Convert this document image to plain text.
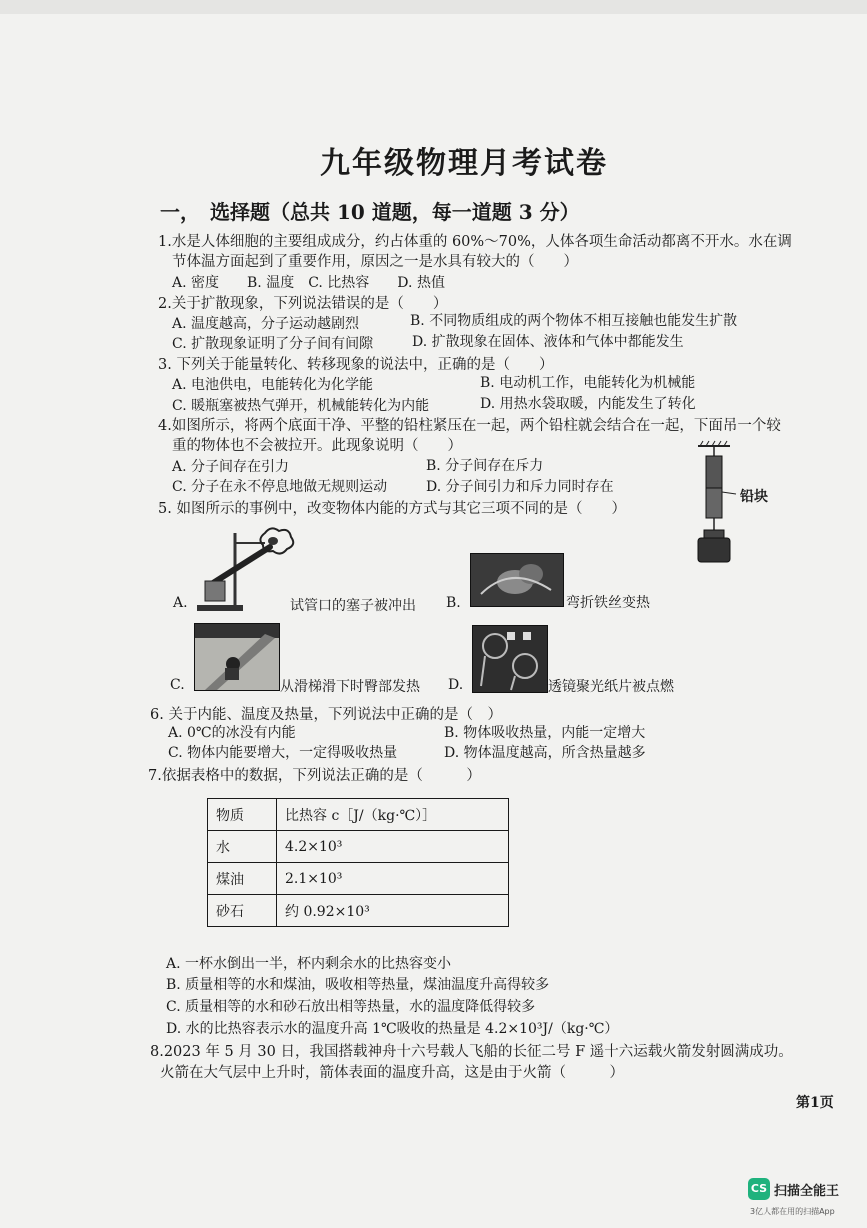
九年级物理月考试卷
一，　选择题（总共 10 道题，每一道题 3 分）
1.水是人体细胞的主要组成成分，约占体重的 60%～70%，人体各项生命活动都离不开水。水在调
节体温方面起到了重要作用，原因之一是水具有较大的（　　）
A. 密度　　B. 温度　C. 比热容　　D. 热值
2.关于扩散现象，下列说法错误的是（　　）
A. 温度越高，分子运动越剧烈	B. 不同物质组成的两个物体不相互接触也能发生扩散
C. 扩散现象证明了分子间有间隙	D. 扩散现象在固体、液体和气体中都能发生
3. 下列关于能量转化、转移现象的说法中，正确的是（　　）
A. 电池供电，电能转化为化学能	B. 电动机工作，电能转化为机械能
C. 暖瓶塞被热气弹开，机械能转化为内能	D. 用热水袋取暖，内能发生了转化
4.如图所示，将两个底面干净、平整的铅柱紧压在一起，两个铅柱就会结合在一起，下面吊一个较
重的物体也不会被拉开。此现象说明（　　）
A. 分子间存在引力	B. 分子间存在斥力
C. 分子在永不停息地做无规则运动	D. 分子间引力和斥力同时存在
铅块
5. 如图所示的事例中，改变物体内能的方式与其它三项不同的是（　　）
A.	试管口的塞子被冲出 B.	弯折铁丝变热
C.	从滑梯滑下时臀部发热 D.	透镜聚光纸片被点燃
6. 关于内能、温度及热量，下列说法中正确的是（　）
A. 0℃的冰没有内能	B. 物体吸收热量，内能一定增大
C. 物体内能要增大，一定得吸收热量	D. 物体温度越高，所含热量越多
7.依据表格中的数据，下列说法正确的是（　　　）
物质	比热容 c［J/（kg·℃）］
水	4.2×10³
煤油	2.1×10³
砂石	约 0.92×10³
A. 一杯水倒出一半，杯内剩余水的比热容变小
B. 质量相等的水和煤油，吸收相等热量，煤油温度升高得较多
C. 质量相等的水和砂石放出相等热量，水的温度降低得较多
D. 水的比热容表示水的温度升高 1℃吸收的热量是 4.2×10³J/（kg·℃）
8.2023 年 5 月 30 日，我国搭载神舟十六号载人飞船的长征二号 F 遥十六运载火箭发射圆满成功。
火箭在大气层中上升时，箭体表面的温度升高，这是由于火箭（　　　）
第1页
CS 扫描全能王
3亿人都在用的扫描App
